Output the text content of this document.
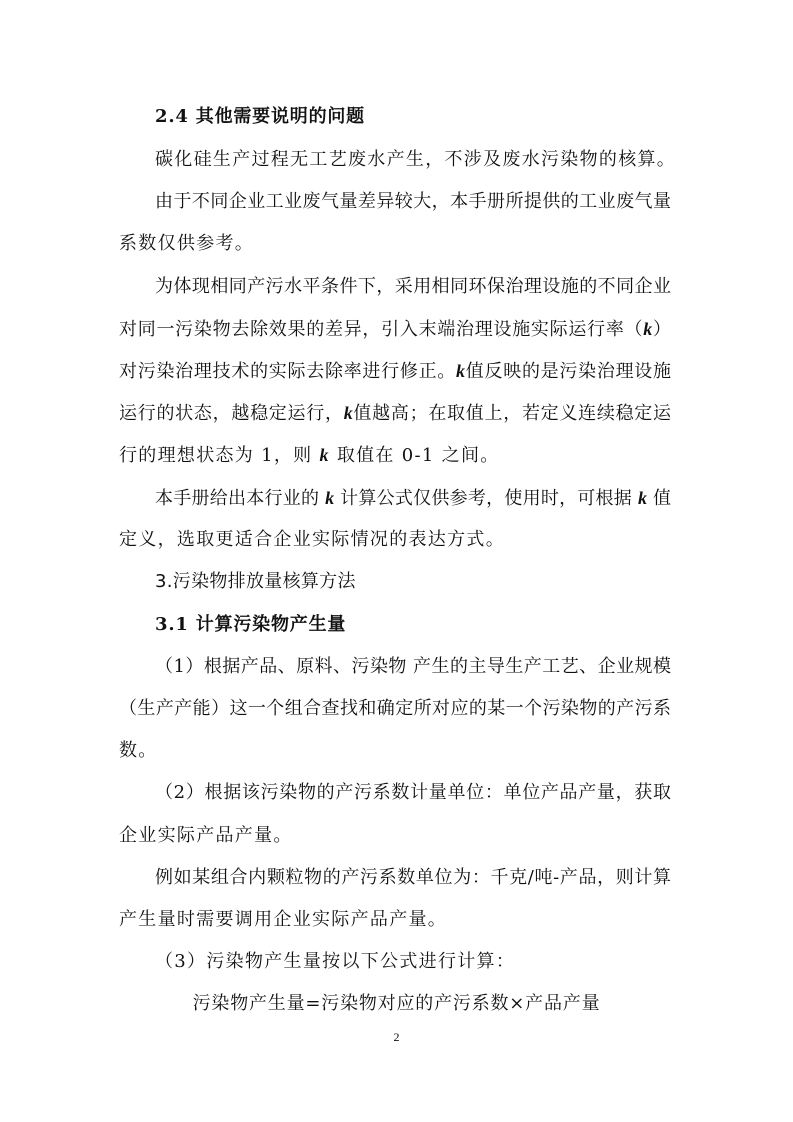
2.4 其他需要说明的问题
碳化硅生产过程无工艺废水产生，不涉及废水污染物的核算。
由于不同企业工业废气量差异较大，本手册所提供的工业废气量
系数仅供参考。
为体现相同产污水平条件下，采用相同环保治理设施的不同企业
对同一污染物去除效果的差异，引入末端治理设施实际运行率（k）
对污染治理技术的实际去除率进行修正。k值反映的是污染治理设施
运行的状态，越稳定运行，k值越高；在取值上，若定义连续稳定运
行的理想状态为 1，则 k 取值在 0-1 之间。
本手册给出本行业的 k 计算公式仅供参考，使用时，可根据 k 值
定义，选取更适合企业实际情况的表达方式。
3.污染物排放量核算方法
3.1 计算污染物产生量
（1）根据产品、原料、污染物 产生的主导生产工艺、企业规模
（生产产能）这一个组合查找和确定所对应的某一个污染物的产污系
数。
（2）根据该污染物的产污系数计量单位：单位产品产量，获取
企业实际产品产量。
例如某组合内颗粒物的产污系数单位为：千克/吨-产品，则计算
产生量时需要调用企业实际产品产量。
（3）污染物产生量按以下公式进行计算：
污染物产生量=污染物对应的产污系数×产品产量
2
